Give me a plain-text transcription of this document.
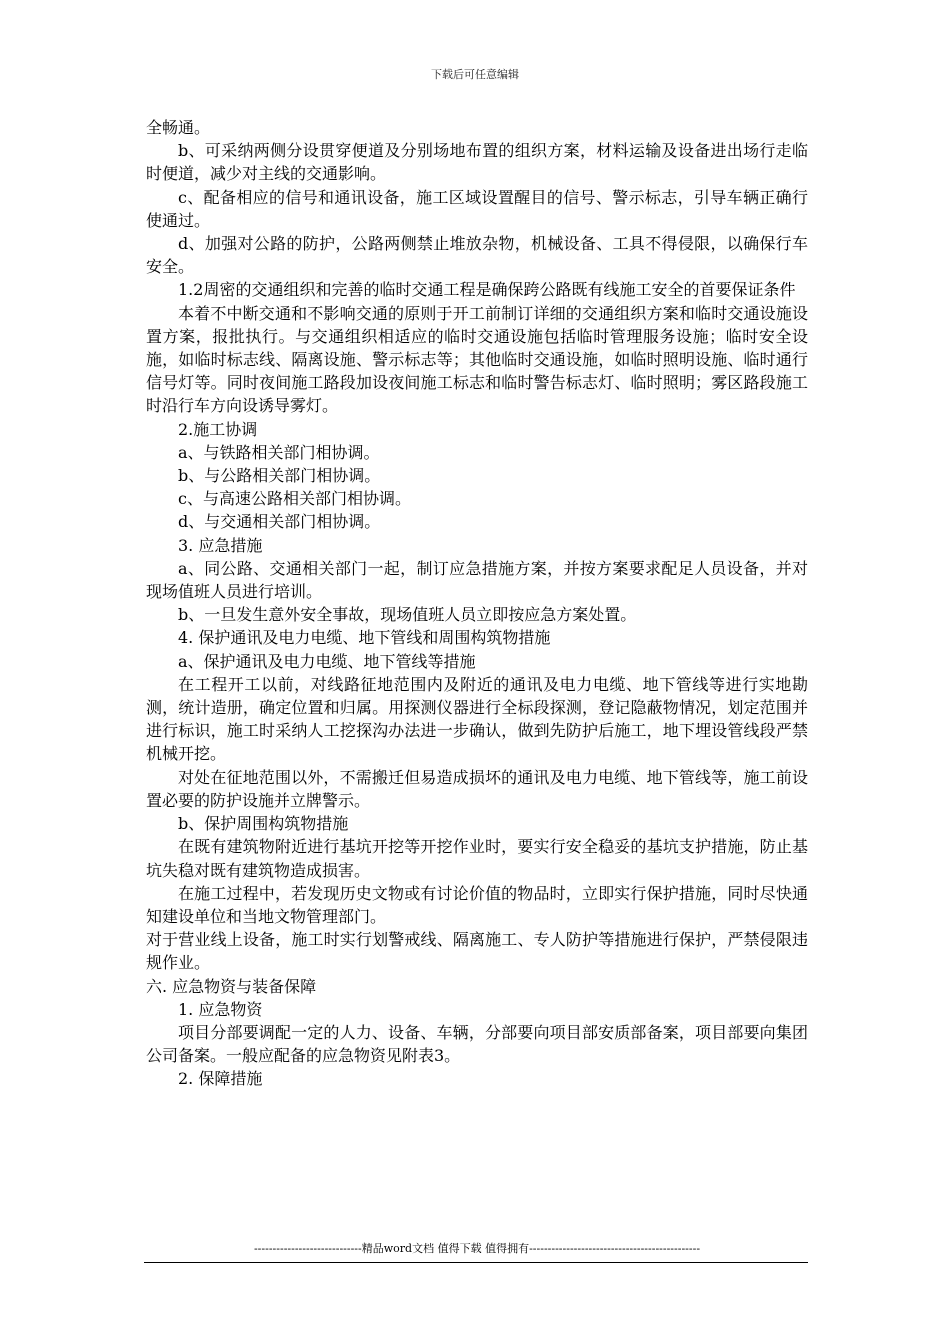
下载后可任意编辑

全畅通。

b、可采纳两侧分设贯穿便道及分别场地布置的组织方案，材料运输及设备进出场行走临时便道，减少对主线的交通影响。

c、配备相应的信号和通讯设备，施工区域设置醒目的信号、警示标志，引导车辆正确行使通过。

d、加强对公路的防护，公路两侧禁止堆放杂物，机械设备、工具不得侵限，以确保行车安全。

1.2周密的交通组织和完善的临时交通工程是确保跨公路既有线施工安全的首要保证条件

本着不中断交通和不影响交通的原则于开工前制订详细的交通组织方案和临时交通设施设置方案，报批执行。与交通组织相适应的临时交通设施包括临时管理服务设施；临时安全设施，如临时标志线、隔离设施、警示标志等；其他临时交通设施，如临时照明设施、临时通行信号灯等。同时夜间施工路段加设夜间施工标志和临时警告标志灯、临时照明；雾区路段施工时沿行车方向设诱导雾灯。

2.施工协调

a、与铁路相关部门相协调。

b、与公路相关部门相协调。

c、与高速公路相关部门相协调。

d、与交通相关部门相协调。

3. 应急措施

a、同公路、交通相关部门一起，制订应急措施方案，并按方案要求配足人员设备，并对现场值班人员进行培训。

b、一旦发生意外安全事故，现场值班人员立即按应急方案处置。

4. 保护通讯及电力电缆、地下管线和周围构筑物措施

a、保护通讯及电力电缆、地下管线等措施

在工程开工以前，对线路征地范围内及附近的通讯及电力电缆、地下管线等进行实地勘测，统计造册，确定位置和归属。用探测仪器进行全标段探测，登记隐蔽物情况，划定范围并进行标识，施工时采纳人工挖探沟办法进一步确认，做到先防护后施工，地下埋设管线段严禁机械开挖。

对处在征地范围以外，不需搬迁但易造成损坏的通讯及电力电缆、地下管线等，施工前设置必要的防护设施并立牌警示。

b、保护周围构筑物措施

在既有建筑物附近进行基坑开挖等开挖作业时，要实行安全稳妥的基坑支护措施，防止基坑失稳对既有建筑物造成损害。

在施工过程中，若发现历史文物或有讨论价值的物品时，立即实行保护措施，同时尽快通知建设单位和当地文物管理部门。

对于营业线上设备，施工时实行划警戒线、隔离施工、专人防护等措施进行保护，严禁侵限违规作业。

六. 应急物资与装备保障

1. 应急物资

项目分部要调配一定的人力、设备、车辆，分部要向项目部安质部备案，项目部要向集团公司备案。一般应配备的应急物资见附表3。

2. 保障措施

-----------------------------精品word文档 值得下载 值得拥有----------------------------------------------
